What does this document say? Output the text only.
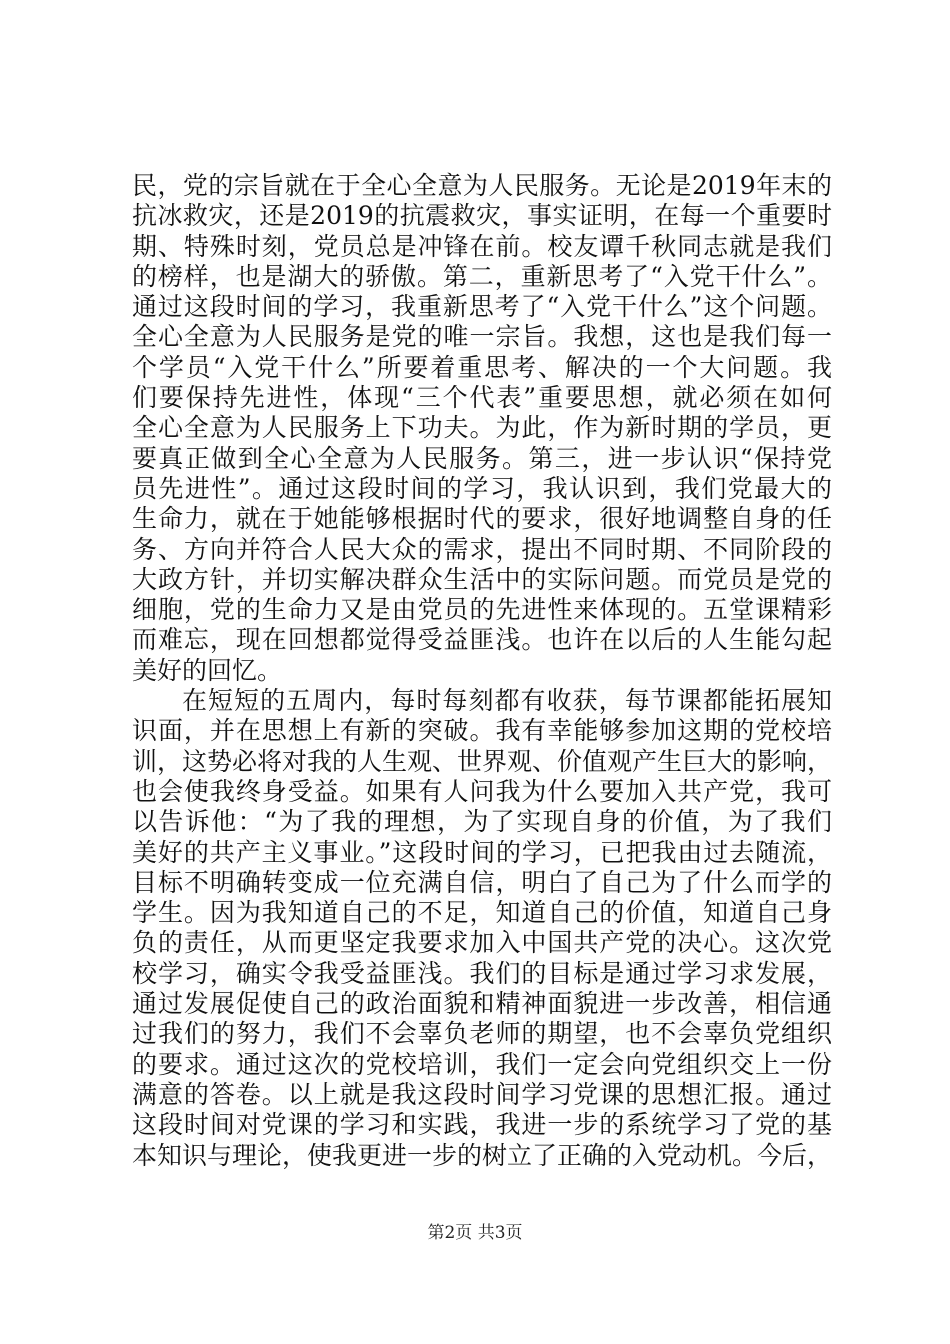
民，党的宗旨就在于全心全意为人民服务。无论是2019年末的
抗冰救灾，还是2019的抗震救灾，事实证明，在每一个重要时
期、特殊时刻，党员总是冲锋在前。校友谭千秋同志就是我们
的榜样，也是湖大的骄傲。第二，重新思考了“入党干什么”。
通过这段时间的学习，我重新思考了“入党干什么”这个问题。
全心全意为人民服务是党的唯一宗旨。我想，这也是我们每一
个学员“入党干什么”所要着重思考、解决的一个大问题。我
们要保持先进性，体现“三个代表”重要思想，就必须在如何
全心全意为人民服务上下功夫。为此，作为新时期的学员，更
要真正做到全心全意为人民服务。第三，进一步认识“保持党
员先进性”。通过这段时间的学习，我认识到，我们党最大的
生命力，就在于她能够根据时代的要求，很好地调整自身的任
务、方向并符合人民大众的需求，提出不同时期、不同阶段的
大政方针，并切实解决群众生活中的实际问题。而党员是党的
细胞，党的生命力又是由党员的先进性来体现的。五堂课精彩
而难忘，现在回想都觉得受益匪浅。也许在以后的人生能勾起
美好的回忆。
在短短的五周内，每时每刻都有收获，每节课都能拓展知
识面，并在思想上有新的突破。我有幸能够参加这期的党校培
训，这势必将对我的人生观、世界观、价值观产生巨大的影响，
也会使我终身受益。如果有人问我为什么要加入共产党，我可
以告诉他：“为了我的理想，为了实现自身的价值，为了我们
美好的共产主义事业。”这段时间的学习，已把我由过去随流，
目标不明确转变成一位充满自信，明白了自己为了什么而学的
学生。因为我知道自己的不足，知道自己的价值，知道自己身
负的责任，从而更坚定我要求加入中国共产党的决心。这次党
校学习，确实令我受益匪浅。我们的目标是通过学习求发展，
通过发展促使自己的政治面貌和精神面貌进一步改善，相信通
过我们的努力，我们不会辜负老师的期望，也不会辜负党组织
的要求。通过这次的党校培训，我们一定会向党组织交上一份
满意的答卷。以上就是我这段时间学习党课的思想汇报。通过
这段时间对党课的学习和实践，我进一步的系统学习了党的基
本知识与理论，使我更进一步的树立了正确的入党动机。今后，
第2页 共3页
